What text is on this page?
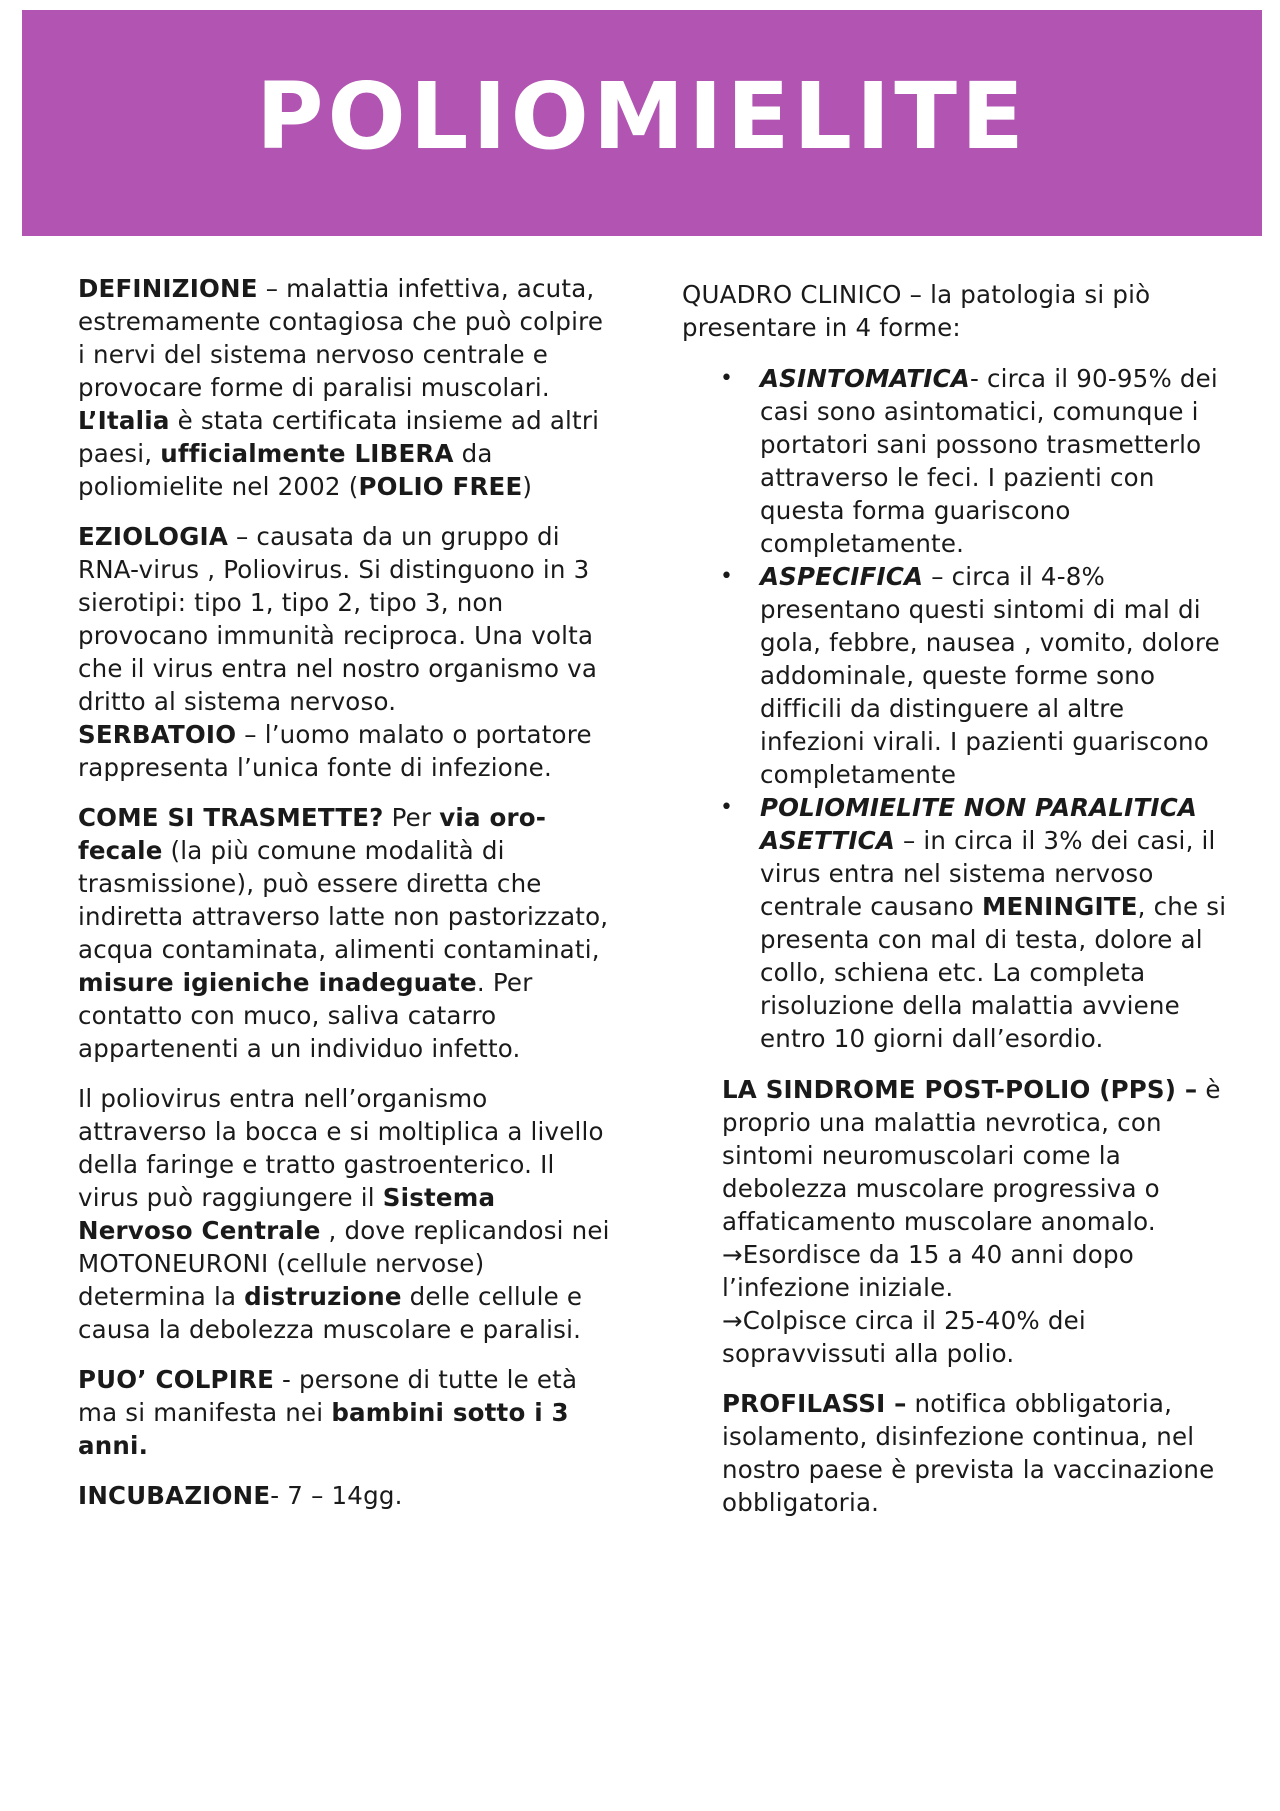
POLIOMIELITE

DEFINIZIONE – malattia infettiva, acuta, estremamente contagiosa che può colpire i nervi del sistema nervoso centrale e provocare forme di paralisi muscolari. L’Italia è stata certificata insieme ad altri paesi, ufficialmente LIBERA da poliomielite nel 2002 (POLIO FREE)

EZIOLOGIA – causata da un gruppo di RNA-virus , Poliovirus. Si distinguono in 3 sierotipi: tipo 1, tipo 2, tipo 3, non provocano immunità reciproca. Una volta che il virus entra nel nostro organismo va dritto al sistema nervoso.

SERBATOIO – l’uomo malato o portatore rappresenta l’unica fonte di infezione.

COME SI TRASMETTE? Per via oro-fecale (la più comune modalità di trasmissione), può essere diretta che indiretta attraverso latte non pastorizzato, acqua contaminata, alimenti contaminati, misure igieniche inadeguate. Per contatto con muco, saliva catarro appartenenti a un individuo infetto.

Il poliovirus entra nell’organismo attraverso la bocca e si moltiplica a livello della faringe e tratto gastroenterico. Il virus può raggiungere il Sistema Nervoso Centrale , dove replicandosi nei MOTONEURONI (cellule nervose) determina la distruzione delle cellule e causa la debolezza muscolare e paralisi.

PUO’ COLPIRE - persone di tutte le età ma si manifesta nei bambini sotto i 3 anni.

INCUBAZIONE- 7 – 14gg.

QUADRO CLINICO – la patologia si piò presentare in 4 forme:

• ASINTOMATICA- circa il 90-95% dei casi sono asintomatici, comunque i portatori sani possono trasmetterlo attraverso le feci. I pazienti con questa forma guariscono completamente.
• ASPECIFICA – circa il 4-8% presentano questi sintomi di mal di gola, febbre, nausea , vomito, dolore addominale, queste forme sono difficili da distinguere al altre infezioni virali. I pazienti guariscono completamente
• POLIOMIELITE NON PARALITICA ASETTICA – in circa il 3% dei casi, il virus entra nel sistema nervoso centrale causano MENINGITE, che si presenta con mal di testa, dolore al collo, schiena etc. La completa risoluzione della malattia avviene entro 10 giorni dall’esordio.

LA SINDROME POST-POLIO (PPS) – è proprio una malattia nevrotica, con sintomi neuromuscolari come la debolezza muscolare progressiva o affaticamento muscolare anomalo.
→Esordisce da 15 a 40 anni dopo l’infezione iniziale.
→Colpisce circa il 25-40% dei sopravvissuti alla polio.

PROFILASSI – notifica obbligatoria, isolamento, disinfezione continua, nel nostro paese è prevista la vaccinazione obbligatoria.
